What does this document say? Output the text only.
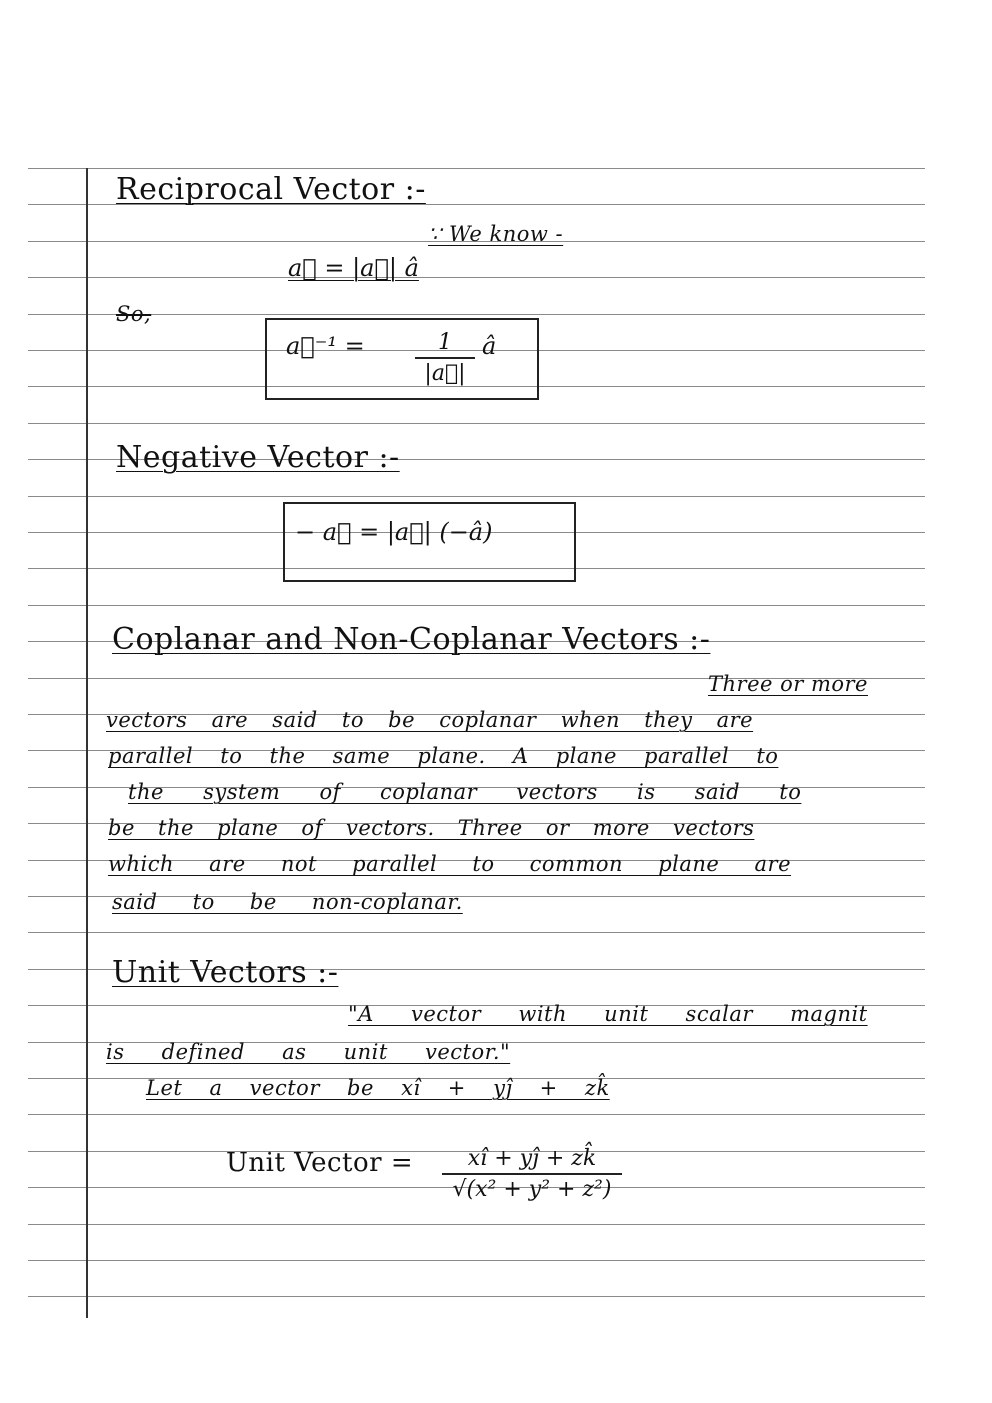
Reciprocal Vector :-
∵ We know -
a⃗ = |a⃗| â
So,
a⃗⁻¹ = $\frac{1}{|a⃗|}$ â
Negative Vector :-
− a⃗ = |a⃗| (−â)
Coplanar and Non-Coplanar Vectors :-
Three or more
vectors are said to be coplanar when they are
parallel to the same plane. A plane parallel to
the system of coplanar vectors is said to
be the plane of vectors. Three or more vectors
which are not parallel to common plane are
said to be non-coplanar.
Unit Vectors :-
"A vector with unit scalar magnit
is defined as unit vector."
Let a vector be xî + yĵ + zk̂
Unit Vector = $\frac{xî + yĵ + zk̂}{\text{√(x² + y² + z²)}}$
